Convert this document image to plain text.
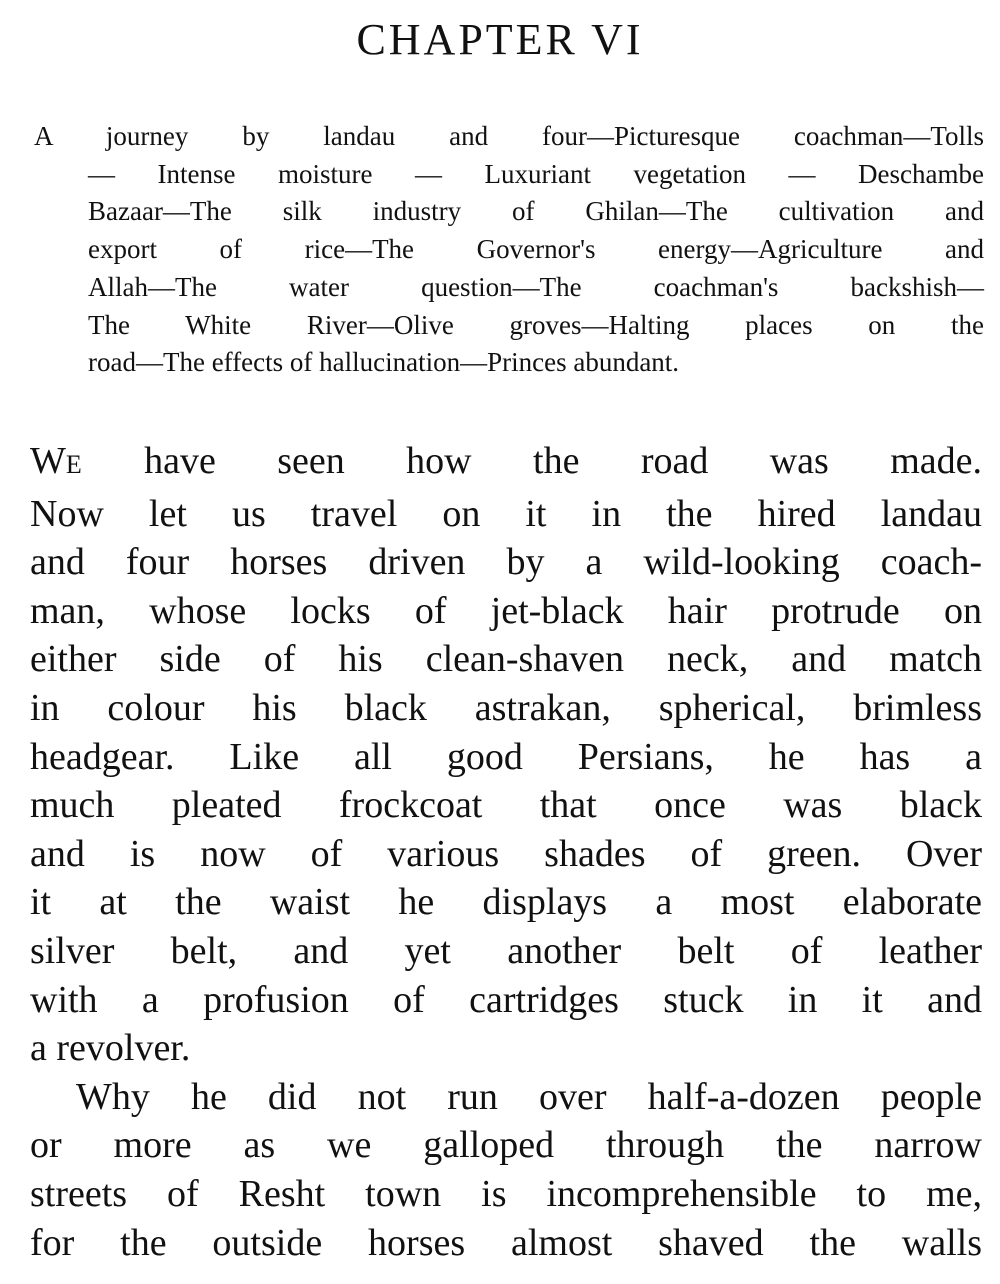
CHAPTER VI
A journey by landau and four—Picturesque coachman—Tolls
— Intense moisture — Luxuriant vegetation — Deschambe
Bazaar—The silk industry of Ghilan—The cultivation and
export of rice—The Governor's energy—Agriculture and
Allah—The water question—The coachman's backshish—
The White River—Olive groves—Halting places on the
road—The effects of hallucination—Princes abundant.
WE have seen how the road was made.
Now let us travel on it in the hired landau
and four horses driven by a wild-looking coach-
man, whose locks of jet-black hair protrude on
either side of his clean-shaven neck, and match
in colour his black astrakan, spherical, brimless
headgear. Like all good Persians, he has a
much pleated frockcoat that once was black
and is now of various shades of green. Over
it at the waist he displays a most elaborate
silver belt, and yet another belt of leather
with a profusion of cartridges stuck in it and
a revolver.
Why he did not run over half-a-dozen people
or more as we galloped through the narrow
streets of Resht town is incomprehensible to me,
for the outside horses almost shaved the walls
